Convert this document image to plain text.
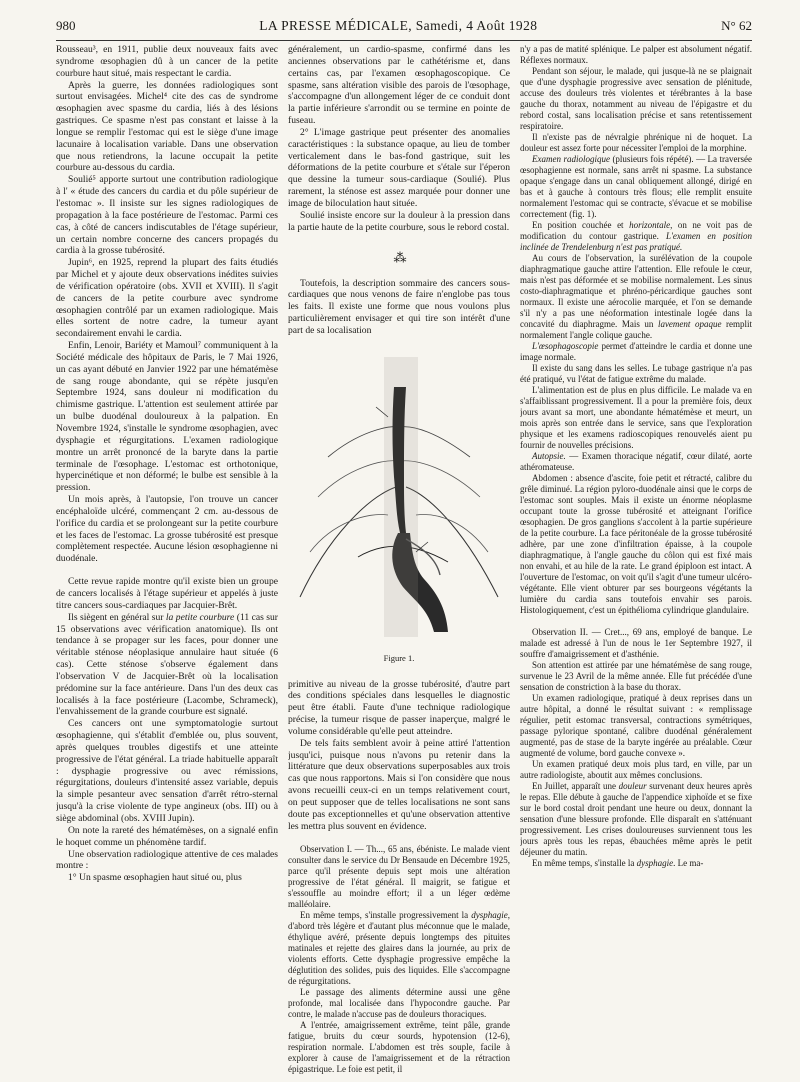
980	LA PRESSE MÉDICALE, Samedi, 4 Août 1928	N° 62

Rousseau³, en 1911, publie deux nouveaux faits avec syndrome œsophagien dû à un cancer de la petite courbure haut situé, mais respectant le cardia.

Après la guerre, les données radiologiques sont surtout envisagées. Michel⁴ cite des cas de syndrome œsophagien avec spasme du cardia, liés à des lésions gastriques. Ce spasme n'est pas constant et laisse à la longue se remplir l'estomac qui est le siège d'une image lacunaire à localisation variable. Dans une observation que nous retiendrons, la lacune occupait la petite courbure au-dessous du cardia.

Soulié⁵ apporte surtout une contribution radiologique à l' « étude des cancers du cardia et du pôle supérieur de l'estomac ». Il insiste sur les signes radiologiques de propagation à la face postérieure de l'estomac. Parmi ces cas, à côté de cancers indiscutables de l'étage supérieur, un certain nombre concerne des cancers propagés du cardia à la grosse tubérosité.

Jupin⁶, en 1925, reprend la plupart des faits étudiés par Michel et y ajoute deux observations inédites suivies de vérification opératoire (obs. XVII et XVIII). Il s'agit de cancers de la petite courbure avec syndrome œsophagien contrôlé par un examen radiologique. Mais elles sortent de notre cadre, la tumeur ayant secondairement envahi le cardia.

Enfin, Lenoir, Bariéty et Mamoul⁷ communiquent à la Société médicale des hôpitaux de Paris, le 7 Mai 1926, un cas ayant débuté en Janvier 1922 par une hématémèse de sang rouge abondante, qui se répète jusqu'en Septembre 1924, sans douleur ni modification du chimisme gastrique. L'attention est seulement attirée par un bulbe duodénal douloureux à la palpation. En Novembre 1924, s'installe le syndrome œsophagien, avec dysphagie et régurgitations. L'examen radiologique montre un arrêt prononcé de la baryte dans la partie terminale de l'œsophage. L'estomac est orthotonique, hypercinétique et non déformé; le bulbe est sensible à la pression.

Un mois après, à l'autopsie, l'on trouve un cancer encéphaloïde ulcéré, commençant 2 cm. au-dessous de l'orifice du cardia et se prolongeant sur la petite courbure et les faces de l'estomac. La grosse tubérosité est presque complètement respectée. Aucune lésion œsophagienne ni duodénale.

Cette revue rapide montre qu'il existe bien un groupe de cancers localisés à l'étage supérieur et appelés à juste titre cancers sous-cardiaques par Jacquier-Brêt.

Ils siègent en général sur la petite courbure (11 cas sur 15 observations avec vérification anatomique). Ils ont tendance à se propager sur les faces, pour donner une véritable sténose néoplasique annulaire haut située (6 cas). Cette sténose s'observe également dans l'observation V de Jacquier-Brêt où la localisation prédomine sur la face antérieure. Dans l'un des deux cas localisés à la face postérieure (Lacombe, Schrameck), l'envahissement de la grande courbure est signalé.

Ces cancers ont une symptomatologie surtout œsophagienne, qui s'établit d'emblée ou, plus souvent, après quelques troubles digestifs et une atteinte progressive de l'état général. La triade habituelle apparaît : dysphagie progressive ou avec rémissions, régurgitations, douleurs d'intensité assez variable, depuis la simple pesanteur avec sensation d'arrêt rétro-sternal jusqu'à la crise violente de type angineux (obs. III) ou à siège abdominal (obs. XVIII Jupin).

On note la rareté des hématémèses, on a signalé enfin le hoquet comme un phénomène tardif.

Une observation radiologique attentive de ces malades montre :

1° Un spasme œsophagien haut situé ou, plus

généralement, un cardio-spasme, confirmé dans les anciennes observations par le cathétérisme et, dans certains cas, par l'examen œsophagoscopique. Ce spasme, sans altération visible des parois de l'œsophage, s'accompagne d'un allongement léger de ce conduit dont la partie inférieure s'arrondit ou se termine en pointe de fuseau.

2° L'image gastrique peut présenter des anomalies caractéristiques : la substance opaque, au lieu de tomber verticalement dans le bas-fond gastrique, suit les déformations de la petite courbure et s'étale sur l'éperon que dessine la tumeur sous-cardiaque (Soulié). Plus rarement, la sténose est assez marquée pour donner une image de biloculation haut située.

Soulié insiste encore sur la douleur à la pression dans la partie haute de la petite courbure, sous le rebord costal.

⁂

Toutefois, la description sommaire des cancers sous-cardiaques que nous venons de faire n'englobe pas tous les faits. Il existe une forme que nous voulons plus particulièrement envisager et qui tire son intérêt d'une part de sa localisation

Figure 1.

primitive au niveau de la grosse tubérosité, d'autre part des conditions spéciales dans lesquelles le diagnostic peut être établi. Faute d'une technique radiologique précise, la tumeur risque de passer inaperçue, malgré le volume considérable qu'elle peut atteindre.

De tels faits semblent avoir à peine attiré l'attention jusqu'ici, puisque nous n'avons pu retenir dans la littérature que deux observations superposables aux trois cas que nous rapportons. Mais si l'on considère que nous avons recueilli ceux-ci en un temps relativement court, on peut supposer que de telles localisations ne sont sans doute pas exceptionnelles et qu'une observation attentive les mettra plus souvent en évidence.

Observation I. — Th..., 65 ans, ébéniste. Le malade vient consulter dans le service du Dr Bensaude en Décembre 1925, parce qu'il présente depuis sept mois une altération progressive de l'état général. Il maigrit, se fatigue et s'essouffle au moindre effort; il a un léger œdème malléolaire.

En même temps, s'installe progressivement la dysphagie, d'abord très légère et d'autant plus méconnue que le malade, éthylique avéré, présente depuis longtemps des pituites matinales et rejette des glaires dans la journée, au prix de violents efforts. Cette dysphagie progressive empêche la déglutition des solides, puis des liquides. Elle s'accompagne de régurgitations.

Le passage des aliments détermine aussi une gêne profonde, mal localisée dans l'hypocondre gauche. Par contre, le malade n'accuse pas de douleurs thoraciques.

A l'entrée, amaigrissement extrême, teint pâle, grande fatigue, bruits du cœur sourds, hypotension (12-6), respiration normale. L'abdomen est très souple, facile à explorer à cause de l'amaigrissement et de la rétraction épigastrique. Le foie est petit, il

n'y a pas de matité splénique. Le palper est absolument négatif. Réflexes normaux.

Pendant son séjour, le malade, qui jusque-là ne se plaignait que d'une dysphagie progressive avec sensation de plénitude, accuse des douleurs très violentes et térébrantes à la base gauche du thorax, notamment au niveau de l'épigastre et du rebord costal, sans localisation précise et sans retentissement respiratoire.

Il n'existe pas de névralgie phrénique ni de hoquet. La douleur est assez forte pour nécessiter l'emploi de la morphine.

Examen radiologique (plusieurs fois répété). — La traversée œsophagienne est normale, sans arrêt ni spasme. La substance opaque s'engage dans un canal obliquement allongé, dirigé en bas et à gauche à contours très flous; elle remplit ensuite normalement l'estomac qui se contracte, s'évacue et se mobilise correctement (fig. 1).

En position couchée et horizontale, on ne voit pas de modification du contour gastrique. L'examen en position inclinée de Trendelenburg n'est pas pratiqué.

Au cours de l'observation, la surélévation de la coupole diaphragmatique gauche attire l'attention. Elle refoule le cœur, mais n'est pas déformée et se mobilise normalement. Les sinus costo-diaphragmatique et phréno-péricardique gauches sont normaux. Il existe une aérocolie marquée, et l'on se demande s'il n'y a pas une néoformation intestinale logée dans la concavité du diaphragme. Mais un lavement opaque remplit normalement l'angle colique gauche.

L'œsophagoscopie permet d'atteindre le cardia et donne une image normale.

Il existe du sang dans les selles. Le tubage gastrique n'a pas été pratiqué, vu l'état de fatigue extrême du malade.

L'alimentation est de plus en plus difficile. Le malade va en s'affaiblissant progressivement. Il a pour la première fois, deux jours avant sa mort, une abondante hématémèse et meurt, un mois après son entrée dans le service, sans que l'exploration physique et les examens radioscopiques renouvelés aient pu fournir de nouvelles précisions.

Autopsie. — Examen thoracique négatif, cœur dilaté, aorte athéromateuse.

Abdomen : absence d'ascite, foie petit et rétracté, calibre du grêle diminué. La région pyloro-duodénale ainsi que le corps de l'estomac sont souples. Mais il existe un énorme néoplasme occupant toute la grosse tubérosité et atteignant l'orifice œsophagien. De gros ganglions s'accolent à la partie supérieure de la petite courbure. La face péritonéale de la grosse tubérosité adhère, par une zone d'infiltration épaisse, à la coupole diaphragmatique, à l'angle gauche du côlon qui est fixé mais non envahi, et au hile de la rate. Le grand épiploon est intact. A l'ouverture de l'estomac, on voit qu'il s'agit d'une tumeur ulcéro-végétante. Elle vient obturer par ses bourgeons végétants la lumière du cardia sans toutefois envahir ses parois. Histologiquement, c'est un épithélioma cylindrique glandulaire.

Observation II. — Cret..., 69 ans, employé de banque. Le malade est adressé à l'un de nous le 1er Septembre 1927, il souffre d'amaigrissement et d'asthénie.

Son attention est attirée par une hématémèse de sang rouge, survenue le 23 Avril de la même année. Elle fut précédée d'une sensation de constriction à la base du thorax.

Un examen radiologique, pratiqué à deux reprises dans un autre hôpital, a donné le résultat suivant : « remplissage régulier, petit estomac transversal, contractions symétriques, passage pylorique spontané, calibre duodénal généralement augmenté, pas de stase de la baryte ingérée au préalable. Cœur augmenté de volume, bord gauche convexe ».

Un examen pratiqué deux mois plus tard, en ville, par un autre radiologiste, aboutit aux mêmes conclusions.

En Juillet, apparaît une douleur survenant deux heures après le repas. Elle débute à gauche de l'appendice xiphoïde et se fixe sur le bord costal droit pendant une heure ou deux, donnant la sensation d'une blessure profonde. Elle disparaît en s'atténuant progressivement. Les crises douloureuses surviennent tous les jours après tous les repas, ébauchées même après le petit déjeuner du matin.

En même temps, s'installe la dysphagie. Le ma-
